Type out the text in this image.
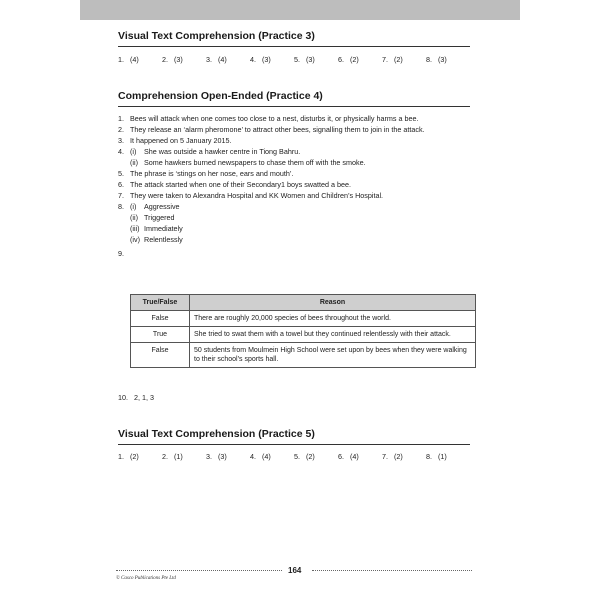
Visual Text Comprehension (Practice 3)
1. (4)	2. (3)	3. (4)	4. (3)	5. (3)	6. (2)	7. (2)	8. (3)
Comprehension Open-Ended (Practice 4)
1. Bees will attack when one comes too close to a nest, disturbs it, or physically harms a bee.
2. They release an ‘alarm pheromone’ to attract other bees, signalling them to join in the attack.
3. It happened on 5 January 2015.
4. (i)	She was outside a hawker centre in Tiong Bahru.
(ii) Some hawkers burned newspapers to chase them off with the smoke.
5. The phrase is ‘stings on her nose, ears and mouth’.
6. The attack started when one of their Secondary1 boys swatted a bee.
7. They were taken to Alexandra Hospital and KK Women and Children’s Hospital.
8. (i)	Aggressive
(ii) Triggered
(iii) Immediately
(iv) Relentlessly
9.
True/False	Reason
False	There are roughly 20,000 species of bees throughout the world.
True	She tried to swat them with a towel but they continued relentlessly with their attack.
False	50 students from Moulmein High School were set upon by bees when they were walking to their school’s sports hall.
10. 2, 1, 3
Visual Text Comprehension (Practice 5)
1. (2)	2. (1)	3. (3)	4. (4)	5. (2)	6. (4)	7. (2)	8. (1)
164
© Casco Publications Pte Ltd
